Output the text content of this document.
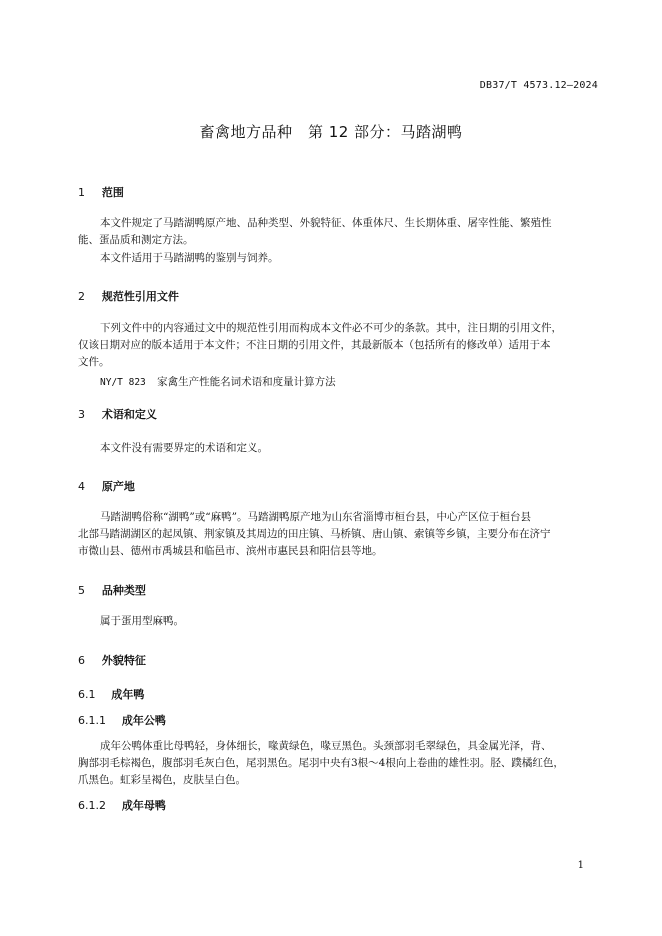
DB37/T 4573.12—2024
畜禽地方品种　第 12 部分：马踏湖鸭
1 范围
本文件规定了马踏湖鸭原产地、品种类型、外貌特征、体重体尺、生长期体重、屠宰性能、繁殖性
能、蛋品质和测定方法。
本文件适用于马踏湖鸭的鉴别与饲养。
2 规范性引用文件
下列文件中的内容通过文中的规范性引用而构成本文件必不可少的条款。其中，注日期的引用文件，
仅该日期对应的版本适用于本文件；不注日期的引用文件，其最新版本（包括所有的修改单）适用于本
文件。
NY/T 823 家禽生产性能名词术语和度量计算方法
3 术语和定义
本文件没有需要界定的术语和定义。
4 原产地
马踏湖鸭俗称“湖鸭”或“麻鸭”。马踏湖鸭原产地为山东省淄博市桓台县，中心产区位于桓台县
北部马踏湖湖区的起凤镇、荆家镇及其周边的田庄镇、马桥镇、唐山镇、索镇等乡镇，主要分布在济宁
市微山县、德州市禹城县和临邑市、滨州市惠民县和阳信县等地。
5 品种类型
属于蛋用型麻鸭。
6 外貌特征
6.1 成年鸭
6.1.1 成年公鸭
成年公鸭体重比母鸭轻，身体细长，喙黄绿色，喙豆黑色。头颈部羽毛翠绿色，具金属光泽，背、
胸部羽毛棕褐色，腹部羽毛灰白色，尾羽黑色。尾羽中央有3根～4根向上卷曲的雄性羽。胫、蹼橘红色，
爪黑色。虹彩呈褐色，皮肤呈白色。
6.1.2 成年母鸭
1
